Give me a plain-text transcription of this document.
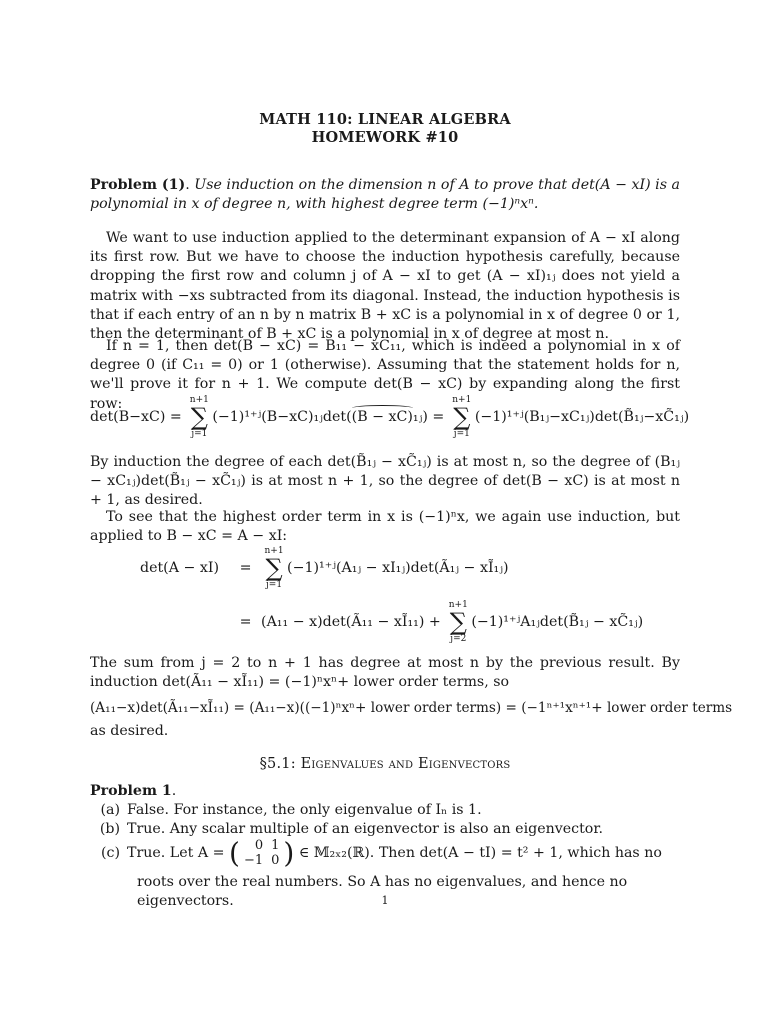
MATH 110: LINEAR ALGEBRA
HOMEWORK #10
Problem (1). Use induction on the dimension n of A to prove that det(A − xI) is a polynomial in x of degree n, with highest degree term (−1)ⁿxⁿ.
We want to use induction applied to the determinant expansion of A − xI along its first row. But we have to choose the induction hypothesis carefully, because dropping the first row and column j of A − xI to get (A − xI)₁ⱼ does not yield a matrix with −xs subtracted from its diagonal. Instead, the induction hypothesis is that if each entry of an n by n matrix B + xC is a polynomial in x of degree 0 or 1, then the determinant of B + xC is a polynomial in x of degree at most n.
If n = 1, then det(B − xC) = B₁₁ − xC₁₁, which is indeed a polynomial in x of degree 0 (if C₁₁ = 0) or 1 (otherwise). Assuming that the statement holds for n, we'll prove it for n + 1. We compute det(B − xC) by expanding along the first row:
det(B−xC) =
n+1
∑
j=1
(−1)¹⁺ʲ(B−xC)₁ⱼdet((B − xC)₁ⱼ) =
n+1
∑
j=1
(−1)¹⁺ʲ(B₁ⱼ−xC₁ⱼ)det(B̃₁ⱼ−xC̃₁ⱼ)
By induction the degree of each det(B̃₁ⱼ − xC̃₁ⱼ) is at most n, so the degree of (B₁ⱼ − xC₁ⱼ)det(B̃₁ⱼ − xC̃₁ⱼ) is at most n + 1, so the degree of det(B − xC) is at most n + 1, as desired.
To see that the highest order term in x is (−1)ⁿx, we again use induction, but applied to B − xC = A − xI:
det(A − xI) =
n+1
∑
j=1
(−1)¹⁺ʲ(A₁ⱼ − xI₁ⱼ)det(Ã₁ⱼ − xĨ₁ⱼ)
= (A₁₁ − x)det(Ã₁₁ − xĨ₁₁) +
n+1
∑
j=2
(−1)¹⁺ʲA₁ⱼdet(B̃₁ⱼ − xC̃₁ⱼ)
The sum from j = 2 to n + 1 has degree at most n by the previous result. By induction det(Ã₁₁ − xĨ₁₁) = (−1)ⁿxⁿ+ lower order terms, so
(A₁₁−x)det(Ã₁₁−xĨ₁₁) = (A₁₁−x)((−1)ⁿxⁿ+ lower order terms) = (−1ⁿ⁺¹xⁿ⁺¹+ lower order terms
as desired.
§5.1: Eigenvalues and Eigenvectors
Problem 1.
(a) False. For instance, the only eigenvalue of Iₙ is 1.
(b) True. Any scalar multiple of an eigenvector is also an eigenvector.
(c) True. Let A = ( 0	1
−1	0 ) ∈ 𝕄₂ₓ₂(ℝ). Then det(A − tI) = t² + 1, which has no
roots over the real numbers. So A has no eigenvalues, and hence no eigenvectors.	1
